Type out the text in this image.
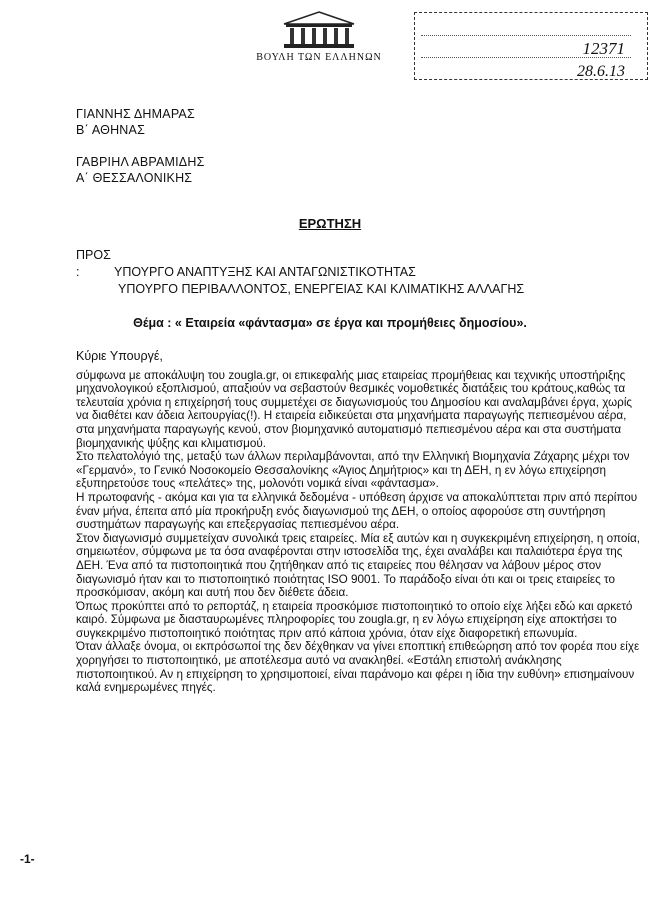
ΒΟΥΛΗ ΤΩΝ ΕΛΛΗΝΩΝ
	12371
28.6.13
ΓΙΑΝΝΗΣ ΔΗΜΑΡΑΣ
Β΄ ΑΘΗΝΑΣ
ΓΑΒΡΙΗΛ ΑΒΡΑΜΙΔΗΣ
Α΄ ΘΕΣΣΑΛΟΝΙΚΗΣ
ΕΡΩΤΗΣΗ
ΠΡΟΣ :	ΥΠΟΥΡΓΟ ΑΝΑΠΤΥΞΗΣ ΚΑΙ ΑΝΤΑΓΩΝΙΣΤΙΚΟΤΗΤΑΣ
ΥΠΟΥΡΓΟ ΠΕΡΙΒΑΛΛΟΝΤΟΣ, ΕΝΕΡΓΕΙΑΣ ΚΑΙ ΚΛΙΜΑΤΙΚΗΣ ΑΛΛΑΓΗΣ
Θέμα : « Εταιρεία «φάντασμα» σε έργα και προμήθειες δημοσίου».

Κύριε Υπουργέ,

σύμφωνα με αποκάλυψη του zougla.gr, οι επικεφαλής μιας εταιρείας προμήθειας και τεχνικής υποστήριξης μηχανολογικού εξοπλισμού, απαξιούν να σεβαστούν θεσμικές νομοθετικές διατάξεις του κράτους,καθώς τα τελευταία χρόνια η επιχείρησή τους συμμετέχει σε διαγωνισμούς του Δημοσίου και αναλαμβάνει έργα, χωρίς να διαθέτει καν άδεια λειτουργίας(!). Η εταιρεία ειδικεύεται στα μηχανήματα παραγωγής πεπιεσμένου αέρα, στα μηχανήματα παραγωγής κενού, στον βιομηχανικό αυτοματισμό πεπιεσμένου αέρα και στα συστήματα βιομηχανικής ψύξης και κλιματισμού.

Στο πελατολόγιό της, μεταξύ των άλλων περιλαμβάνονται, από την Ελληνική Βιομηχανία Ζάχαρης μέχρι τον «Γερμανό», το Γενικό Νοσοκομείο Θεσσαλονίκης «Άγιος Δημήτριος» και τη ΔΕΗ, η εν λόγω επιχείρηση εξυπηρετούσε τους «πελάτες» της, μολονότι νομικά είναι «φάντασμα».

Η πρωτοφανής - ακόμα και για τα ελληνικά δεδομένα - υπόθεση άρχισε να αποκαλύπτεται πριν από περίπου έναν μήνα, έπειτα από μία προκήρυξη ενός διαγωνισμού της ΔΕΗ, ο οποίος αφορούσε στη συντήρηση συστημάτων παραγωγής και επεξεργασίας πεπιεσμένου αέρα.

Στον διαγωνισμό συμμετείχαν συνολικά τρεις εταιρείες. Μία εξ αυτών και η συγκεκριμένη επιχείρηση, η οποία, σημειωτέον, σύμφωνα με τα όσα αναφέρονται στην ιστοσελίδα της, έχει αναλάβει και παλαιότερα έργα της ΔΕΗ. Ένα από τα πιστοποιητικά που ζητήθηκαν από τις εταιρείες που θέλησαν να λάβουν μέρος στον διαγωνισμό ήταν και το πιστοποιητικό ποιότητας ISO 9001. Το παράδοξο είναι ότι και οι τρεις εταιρείες το προσκόμισαν, ακόμη και αυτή που δεν διέθετε άδεια.

Όπως προκύπτει από το ρεπορτάζ, η εταιρεία προσκόμισε πιστοποιητικό το οποίο είχε λήξει εδώ και αρκετό καιρό. Σύμφωνα με διασταυρωμένες πληροφορίες του zougla.gr, η εν λόγω επιχείρηση είχε αποκτήσει το συγκεκριμένο πιστοποιητικό ποιότητας πριν από κάποια χρόνια, όταν είχε διαφορετική επωνυμία.

Όταν άλλαξε όνομα, οι εκπρόσωποί της δεν δέχθηκαν να γίνει εποπτική επιθεώρηση από τον φορέα που είχε χορηγήσει το πιστοποιητικό, με αποτέλεσμα αυτό να ανακληθεί. «Εστάλη επιστολή ανάκλησης πιστοποιητικού. Αν η επιχείρηση το χρησιμοποιεί, είναι παράνομο και φέρει η ίδια την ευθύνη» επισημαίνουν καλά ενημερωμένες πηγές.

-1-
